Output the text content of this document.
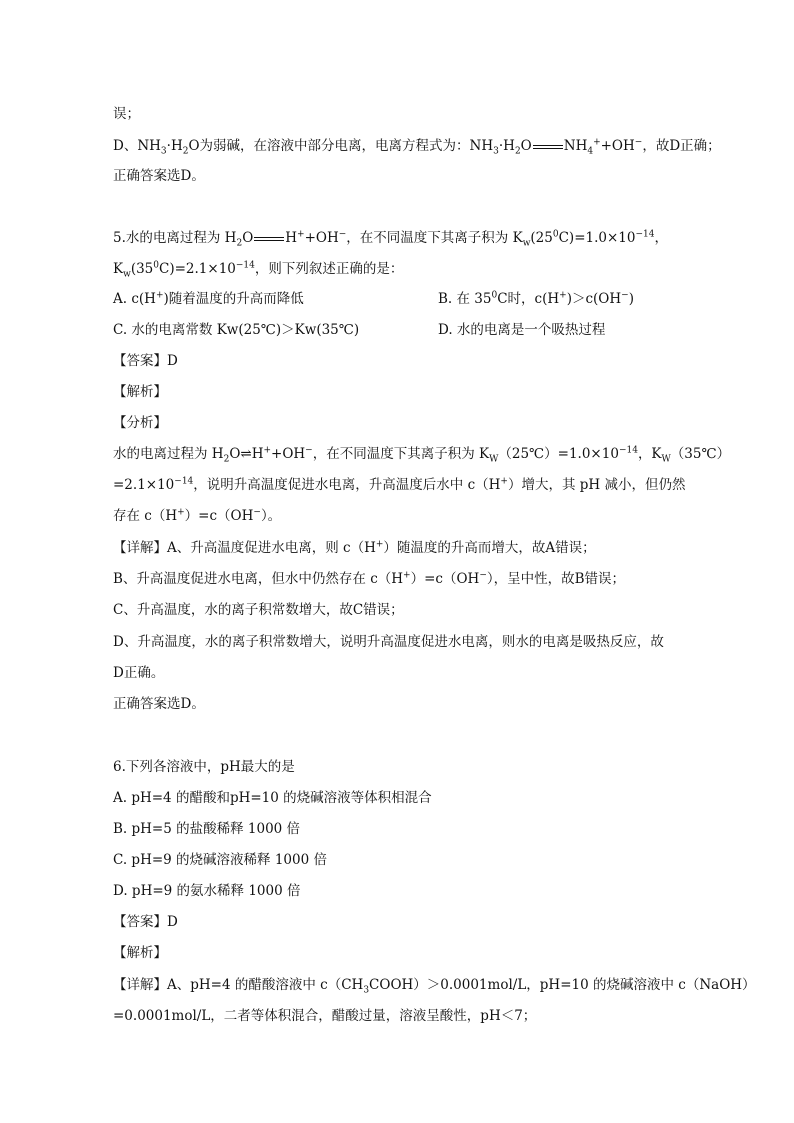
误；
D、$NH_3\cdot H_2O$为弱碱，在溶液中部分电离，电离方程式为：$NH_3\cdot H_2O$ $NH_4^++OH^-$，故D正确；
正确答案选D。
5.水的电离过程为 $H_2O$ H++OH−，在不同温度下其离子积为 $K_w(25^0C)=1.0\times 10^{-14}$，
$K_w(35^0C)=2.1\times 10^{-14}$，则下列叙述正确的是：
A. c(H+)随着温度的升高而降低	B. 在 $35^0C$时，c(H+)＞c(OH−)
C. 水的电离常数 Kw(25℃)＞Kw(35℃)	D. 水的电离是一个吸热过程
【答案】D
【解析】
【分析】
水的电离过程为 $H_2O\rightleftharpoons H^++OH^-$，在不同温度下其离子积为 $K_W(25℃)=1.0\times 10^{-14}$，$K_W(35℃)$
$=2.1\times 10^{-14}$，说明升高温度促进水电离，升高温度后水中 c（H+）增大，其 pH 减小，但仍然
存在 c（H+）=c（OH−）。
【详解】A、升高温度促进水电离，则 c（H+）随温度的升高而增大，故A错误；
B、升高温度促进水电离，但水中仍然存在 c（H+）=c（OH−），呈中性，故B错误；
C、升高温度，水的离子积常数增大，故C错误；
D、升高温度，水的离子积常数增大，说明升高温度促进水电离，则水的电离是吸热反应，故
D正确。
正确答案选D。
6.下列各溶液中，pH最大的是
A. pH=4 的醋酸和pH=10 的烧碱溶液等体积相混合
B. pH=5 的盐酸稀释 1000 倍
C. pH=9 的烧碱溶液稀释 1000 倍
D. pH=9 的氨水稀释 1000 倍
【答案】D
【解析】
【详解】A、pH=4 的醋酸溶液中 $c(CH_3COOH)>0.0001mol/L$，pH=10 的烧碱溶液中 c（NaOH）
=0.0001mol/L，二者等体积混合，醋酸过量，溶液呈酸性，pH＜7；
